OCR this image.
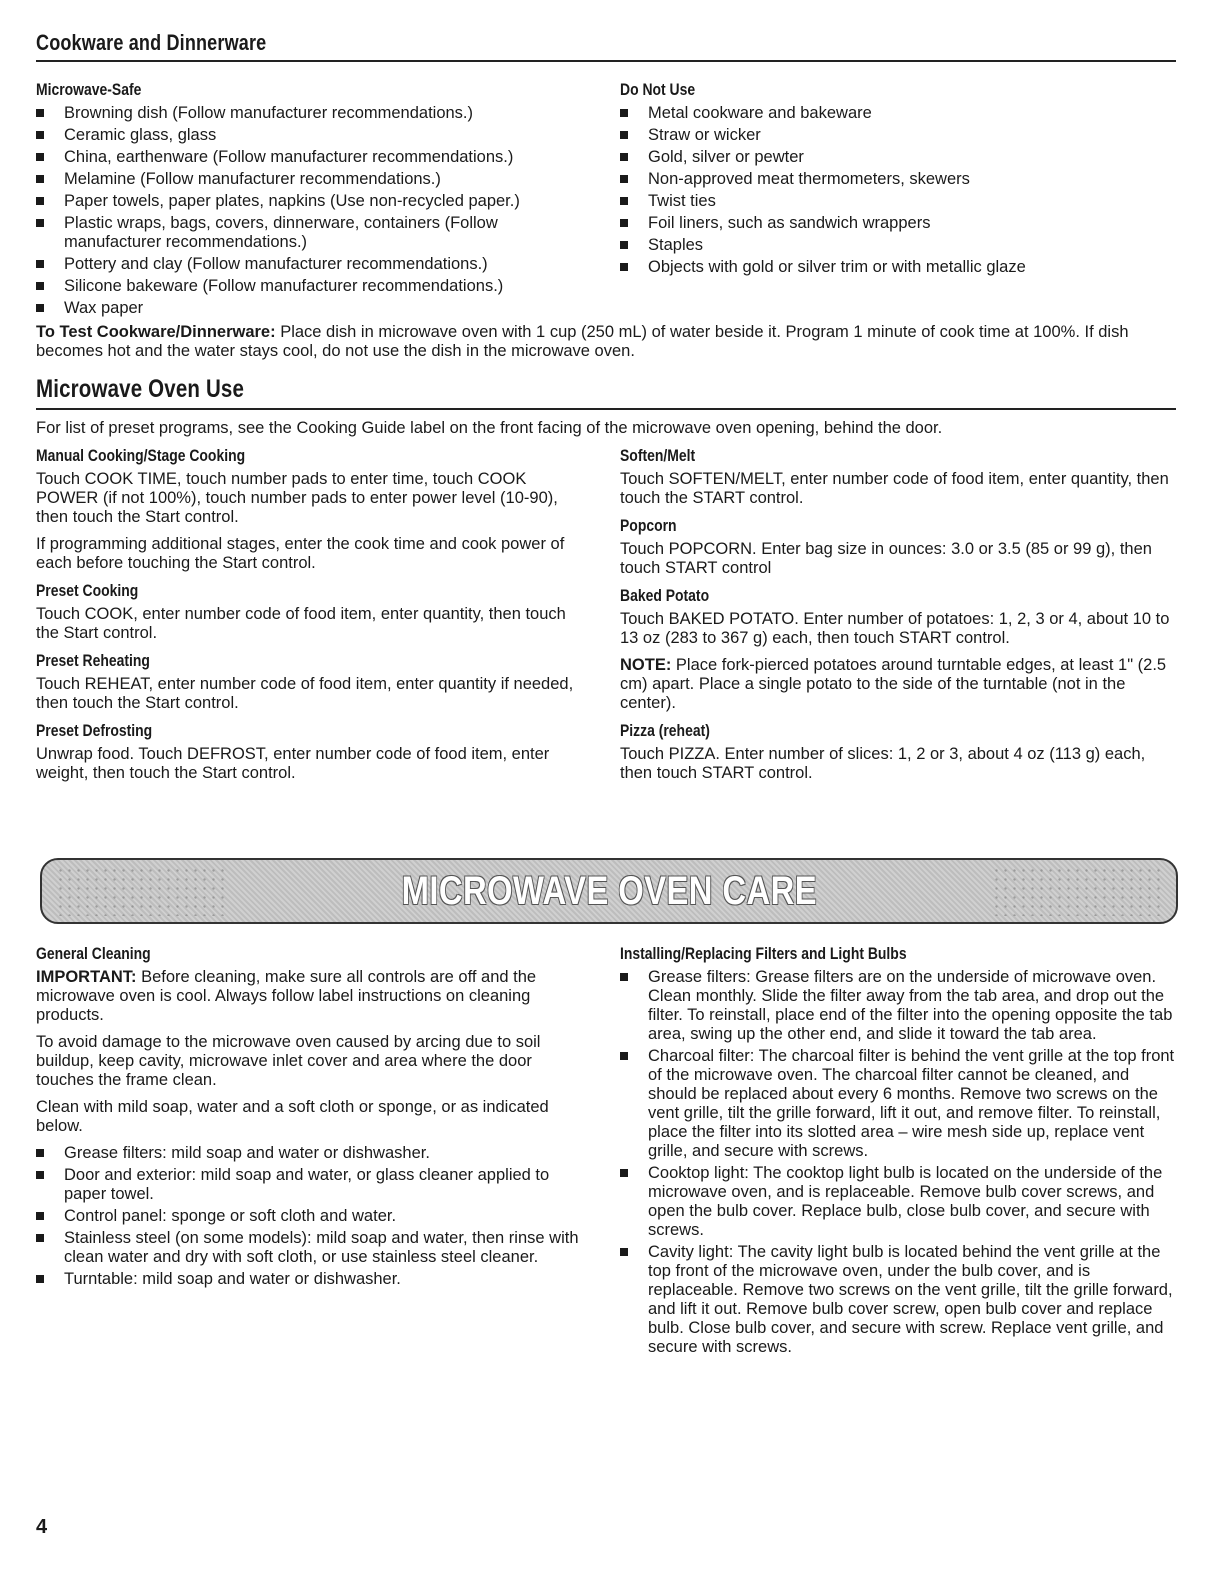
Cookware and Dinnerware
Microwave-Safe
Browning dish (Follow manufacturer recommendations.)
Ceramic glass, glass
China, earthenware (Follow manufacturer recommendations.)
Melamine (Follow manufacturer recommendations.)
Paper towels, paper plates, napkins (Use non-recycled paper.)
Plastic wraps, bags, covers, dinnerware, containers (Follow manufacturer recommendations.)
Pottery and clay (Follow manufacturer recommendations.)
Silicone bakeware (Follow manufacturer recommendations.)
Wax paper
Do Not Use
Metal cookware and bakeware
Straw or wicker
Gold, silver or pewter
Non-approved meat thermometers, skewers
Twist ties
Foil liners, such as sandwich wrappers
Staples
Objects with gold or silver trim or with metallic glaze

To Test Cookware/Dinnerware: Place dish in microwave oven with 1 cup (250 mL) of water beside it. Program 1 minute of cook time at 100%. If dish becomes hot and the water stays cool, do not use the dish in the microwave oven.

Microwave Oven Use

For list of preset programs, see the Cooking Guide label on the front facing of the microwave oven opening, behind the door.

Manual Cooking/Stage Cooking

Touch COOK TIME, touch number pads to enter time, touch COOK POWER (if not 100%), touch number pads to enter power level (10-90), then touch the Start control.

If programming additional stages, enter the cook time and cook power of each before touching the Start control.

Preset Cooking

Touch COOK, enter number code of food item, enter quantity, then touch the Start control.

Preset Reheating

Touch REHEAT, enter number code of food item, enter quantity if needed, then touch the Start control.

Preset Defrosting

Unwrap food. Touch DEFROST, enter number code of food item, enter weight, then touch the Start control.

Soften/Melt

Touch SOFTEN/MELT, enter number code of food item, enter quantity, then touch the START control.

Popcorn

Touch POPCORN. Enter bag size in ounces: 3.0 or 3.5 (85 or 99 g), then touch START control

Baked Potato

Touch BAKED POTATO. Enter number of potatoes: 1, 2, 3 or 4, about 10 to 13 oz (283 to 367 g) each, then touch START control.

NOTE: Place fork-pierced potatoes around turntable edges, at least 1" (2.5 cm) apart. Place a single potato to the side of the turntable (not in the center).

Pizza (reheat)

Touch PIZZA. Enter number of slices: 1, 2 or 3, about 4 oz (113 g) each, then touch START control.

MICROWAVE OVEN CARE
General Cleaning

IMPORTANT: Before cleaning, make sure all controls are off and the microwave oven is cool. Always follow label instructions on cleaning products.

To avoid damage to the microwave oven caused by arcing due to soil buildup, keep cavity, microwave inlet cover and area where the door touches the frame clean.

Clean with mild soap, water and a soft cloth or sponge, or as indicated below.

Grease filters: mild soap and water or dishwasher.
Door and exterior: mild soap and water, or glass cleaner applied to paper towel.
Control panel: sponge or soft cloth and water.
Stainless steel (on some models): mild soap and water, then rinse with clean water and dry with soft cloth, or use stainless steel cleaner.
Turntable: mild soap and water or dishwasher.
Installing/Replacing Filters and Light Bulbs
Grease filters: Grease filters are on the underside of microwave oven. Clean monthly. Slide the filter away from the tab area, and drop out the filter. To reinstall, place end of the filter into the opening opposite the tab area, swing up the other end, and slide it toward the tab area.
Charcoal filter: The charcoal filter is behind the vent grille at the top front of the microwave oven. The charcoal filter cannot be cleaned, and should be replaced about every 6 months. Remove two screws on the vent grille, tilt the grille forward, lift it out, and remove filter. To reinstall, place the filter into its slotted area – wire mesh side up, replace vent grille, and secure with screws.
Cooktop light: The cooktop light bulb is located on the underside of the microwave oven, and is replaceable. Remove bulb cover screws, and open the bulb cover. Replace bulb, close bulb cover, and secure with screws.
Cavity light: The cavity light bulb is located behind the vent grille at the top front of the microwave oven, under the bulb cover, and is replaceable. Remove two screws on the vent grille, tilt the grille forward, and lift it out. Remove bulb cover screw, open bulb cover and replace bulb. Close bulb cover, and secure with screw. Replace vent grille, and secure with screws.
4
